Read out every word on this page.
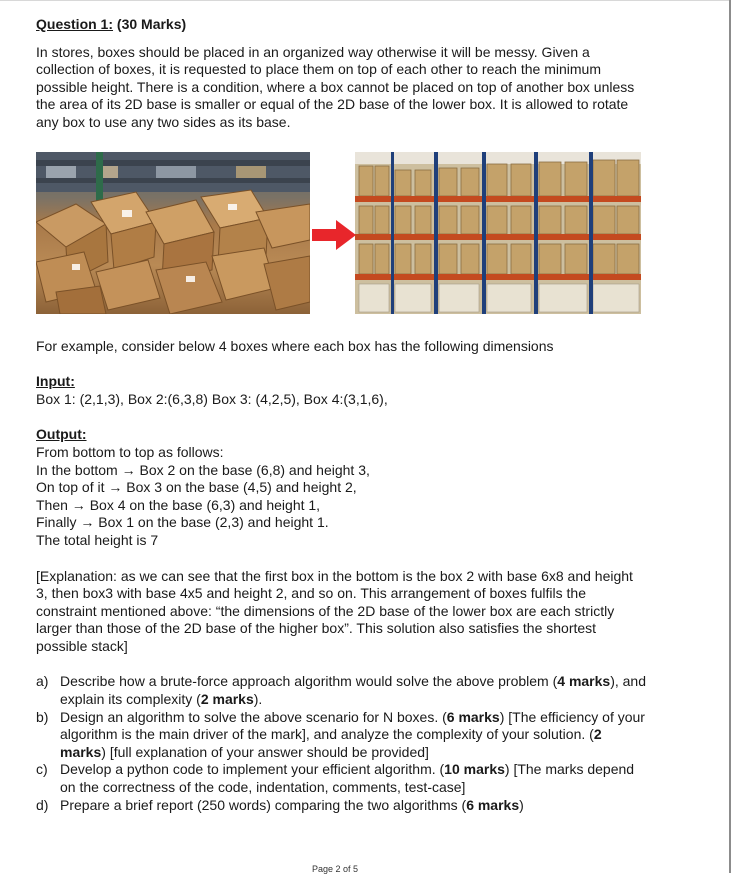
Question 1: (30 Marks)

In stores, boxes should be placed in an organized way otherwise it will be messy. Given a collection of boxes, it is requested to place them on top of each other to reach the minimum possible height. There is a condition, where a box cannot be placed on top of another box unless the area of its 2D base is smaller or equal of the 2D base of the lower box. It is allowed to rotate any box to use any two sides as its base.

For example, consider below 4 boxes where each box has the following dimensions

Input:

Box 1: (2,1,3), Box 2:(6,3,8) Box 3: (4,2,5), Box 4:(3,1,6),

Output:

From bottom to top as follows:

In the bottom → Box 2 on the base (6,8) and height 3,

On top of it → Box 3 on the base (4,5) and height 2,

Then → Box 4 on the base (6,3) and height 1,

Finally → Box 1 on the base (2,3) and height 1.

The total height is 7

[Explanation: as we can see that the first box in the bottom is the box 2 with base 6x8 and height 3, then box3 with base 4x5 and height 2, and so on. This arrangement of boxes fulfils the constraint mentioned above: “the dimensions of the 2D base of the lower box are each strictly larger than those of the 2D base of the higher box”. This solution also satisfies the shortest possible stack]

a) Describe how a brute-force approach algorithm would solve the above problem (4 marks), and explain its complexity (2 marks).
b) Design an algorithm to solve the above scenario for N boxes. (6 marks) [The efficiency of your algorithm is the main driver of the mark], and analyze the complexity of your solution. (2 marks) [full explanation of your answer should be provided]
c) Develop a python code to implement your efficient algorithm. (10 marks) [The marks depend on the correctness of the code, indentation, comments, test-case]
d) Prepare a brief report (250 words) comparing the two algorithms (6 marks)
Page 2 of 5
